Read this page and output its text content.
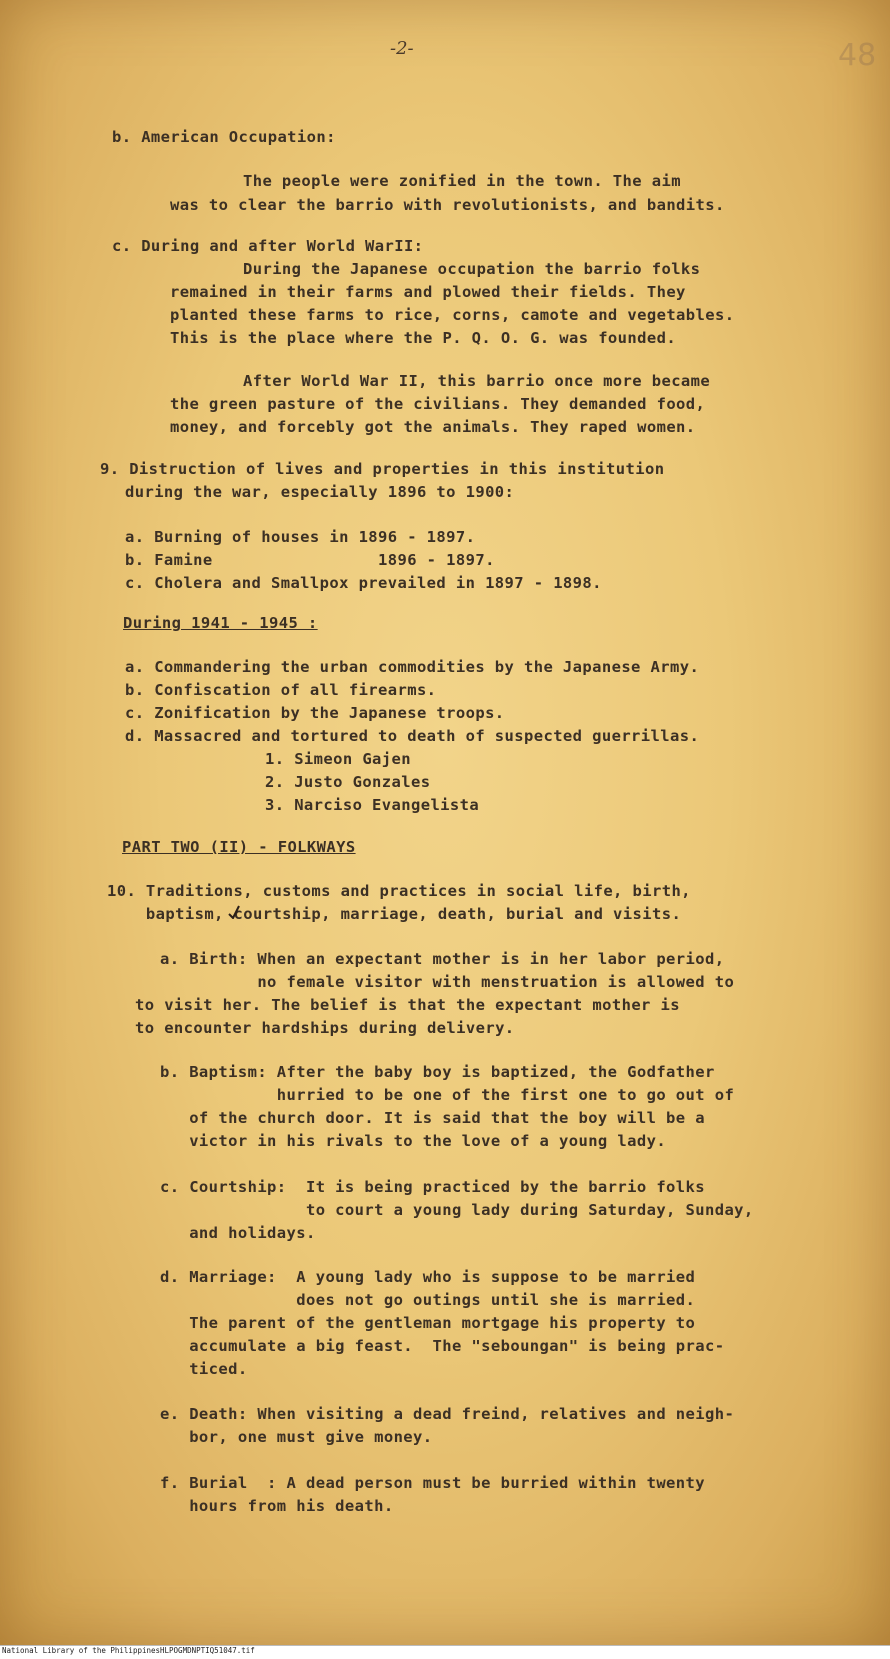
-2-	48
b. American Occupation:
The people were zonified in the town. The aim
was to clear the barrio with revolutionists, and bandits.
c. During and after World WarII:
During the Japanese occupation the barrio folks
remained in their farms and plowed their fields. They
planted these farms to rice, corns, camote and vegetables.
This is the place where the P. Q. O. G. was founded.
After World War II, this barrio once more became
the green pasture of the civilians. They demanded food,
money, and forcebly got the animals. They raped women.
9. Distruction of lives and properties in this institution
during the war, especially 1896 to 1900:
a. Burning of houses in 1896 - 1897.
b. Famine                 1896 - 1897.
c. Cholera and Smallpox prevailed in 1897 - 1898.
During 1941 - 1945 :
a. Commandering the urban commodities by the Japanese Army.
b. Confiscation of all firearms.
c. Zonification by the Japanese troops.
d. Massacred and tortured to death of suspected guerrillas.
1. Simeon Gajen
2. Justo Gonzales
3. Narciso Evangelista
PART TWO (II) - FOLKWAYS
10. Traditions, customs and practices in social life, birth,
baptism, courtship, marriage, death, burial and visits.
a. Birth: When an expectant mother is in her labor period,
no female visitor with menstruation is allowed to
to visit her. The belief is that the expectant mother is
to encounter hardships during delivery.
b. Baptism: After the baby boy is baptized, the Godfather
hurried to be one of the first one to go out of
of the church door. It is said that the boy will be a
victor in his rivals to the love of a young lady.
c. Courtship:  It is being practiced by the barrio folks
to court a young lady during Saturday, Sunday,
and holidays.
d. Marriage:  A young lady who is suppose to be married
does not go outings until she is married.
The parent of the gentleman mortgage his property to
accumulate a big feast.  The "seboungan" is being prac-
ticed.
e. Death: When visiting a dead freind, relatives and neigh-
bor, one must give money.
f. Burial  : A dead person must be burried within twenty
hours from his death.
National Library of the Philippines HLPOGMDNPTIQ51047.tif
